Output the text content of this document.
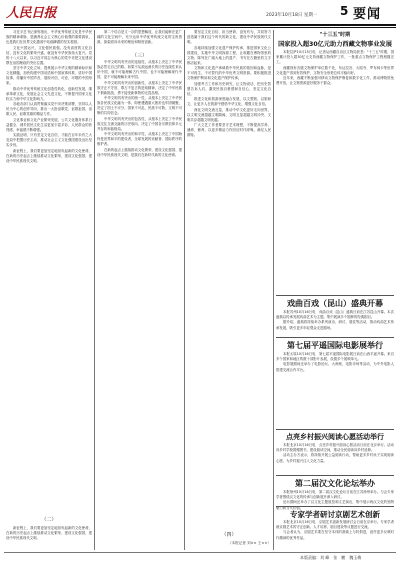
人民日报	2023年10月18日 星期一 5 要闻

习近平总书记深刻指出，中华优秀传统文化是中华民族的精神命脉，是涵养社会主义核心价值观的重要源泉，也是我们在世界文化激荡中站稳脚跟的坚实根基。

文化兴国运兴，文化强民族强。没有高度的文化自信，没有文化的繁荣兴盛，就没有中华民族伟大复兴。党的十八大以来，以习近平同志为核心的党中央把文化建设摆在治国理政的突出位置。

坚守中华文化立场，提炼展示中华文明的精神标识和文化精髓，加快构建中国话语和中国叙事体系，讲好中国故事、传播好中国声音，展现可信、可爱、可敬的中国形象。

推动中华优秀传统文化创造性转化、创新性发展，继承革命文化，发展社会主义先进文化，不断提升国家文化软实力和中华文化影响力。

各地各部门认真贯彻落实党中央决策部署，坚持以人民为中心的创作导向，推出一大批讴歌党、讴歌祖国、讴歌人民、讴歌英雄的精品力作。

文化事业和文化产业繁荣发展，公共文化服务体系日益健全，城乡居民文化生活更加丰富多彩，人民群众的获得感、幸福感不断增强。

实践证明，只有坚定文化自信，才能在百年未有之大变局中把握历史主动，推动社会主义文化强国建设迈出坚实步伐。

新征程上，我们要更加坚定地担负起新的文化使命，在新的历史起点上继续推动文化繁荣、建设文化强国、建设中华民族现代文明。

（二）

新征程上，我们要更加坚定地担负起新的文化使命，在新的历史起点上继续推动文化繁荣、建设文化强国、建设中华民族现代文明。

第二个结合是又一次的思想解放，让我们能够在更广阔的文化空间中，充分运用中华优秀传统文化的宝贵资源，探索面向未来的理论和制度创新。

（三）

中华文明具有突出的连续性，从根本上决定了中华民族必然走自己的路。如果不从源远流长的历史连续性来认识中国，就不可能理解古代中国，也不可能理解现代中国，更不可能理解未来中国。

中华文明具有突出的创新性，从根本上决定了中华民族守正不守旧、尊古不复古的进取精神，决定了中华民族不惧新挑战、勇于接受新事物的无畏品格。

中华文明具有突出的统一性，从根本上决定了中华民族各民族文化融为一体、即使遭遇重大挫折也牢固凝聚，决定了国土不可分、国家不可乱、民族不可散、文明不可断的共同信念。

中华文明具有突出的包容性，从根本上决定了中华民族交往交流交融的历史取向，决定了中国各宗教信仰多元并存的和谐格局。

中华文明具有突出的和平性，从根本上决定了中国始终是世界和平的建设者、全球发展的贡献者、国际秩序的维护者。

在新的起点上继续推动文化繁荣、建设文化强国、建设中华民族现代文明，是我们在新时代新的文化使命。

要坚定文化自信、担当使命、奋发有为，共同努力创造属于我们这个时代的新文化，建设中华民族现代文明。

各地持续加强文化遗产保护传承，推进国家文化公园建设，实施中华文明探源工程，让收藏在博物馆里的文物、陈列在广阔大地上的遗产、书写在古籍里的文字都活起来。

文物和文化遗产承载着中华民族的基因和血脉，是不可再生、不可替代的中华优秀文明资源。要积极推进文物保护利用和文化遗产保护传承。

加强考古工作和历史研究，让文物说话，把历史智慧告诉人们，激发民族自豪感和自信心，坚定文化自信。

推进文化和旅游深度融合发展，以文塑旅、以旅彰文，让更多人在旅游中感悟中华文化、增强文化自信。

深化文明交流互鉴，推动中华文化更好走向世界，以文明交流超越文明隔阂、文明互鉴超越文明冲突、文明共存超越文明优越。

广大文艺工作者要坚守艺术理想，不断提高学养、涵养、修养，以更多精品力作回应时代呼唤、满足人民期待。

（四）
（本报记者 刘×× 王××）
"十三五"时期
国家投入超30亿元助力西藏文物事业发展

本报拉萨10月15日电　记者从西藏自治区文物局获悉："十三五"时期，国家累计投入超30亿元支持西藏文物保护工作，一批重点文物保护工程相继完工。

西藏现有各级文物保护单位数千处，布达拉宫、大昭寺、罗布林卡等世界文化遗产得到有效保护，文物安全形势总体平稳向好。

近年来，西藏不断加强可移动文物保护修复和数字化工作，推动博物馆免费开放，让文物资源更好服务于群众。

戏曲百戏（昆山）盛典开幕

本报苏州10月16日电　戏曲百戏（昆山）盛典日前在江苏昆山开幕。本次盛典以传承发展戏曲艺术为主题，集中展演多个剧种的经典剧目。

据介绍，盛典将持续举办系列演出、研讨、展览等活动，推动戏曲艺术传承发展，吸引更多年轻观众走进剧场。

第七届平遥国际电影展举行

本报太原10月16日电　第七届平遥国际电影展日前在山西平遥开幕。来自多个国家和地区的数十部影片参展，设置多个展映单元。

电影展期间还举办了电影论坛、大师班、电影市场等活动，为中外电影人搭建交流合作平台。

点亮乡村振兴阅读心愿活动举行

本报北京10月16日电　点亮乡村振兴阅读心愿活动日前在北京举行。活动向乡村学校捐赠图书，建设阅读空间，推动全民阅读向乡村延伸。

活动主办方表示，将持续开展公益阅读行动，帮助更多乡村孩子实现阅读心愿，为乡村振兴注入文化力量。

第二届汉文化论坛举办

本报徐州10月16日电　第二届汉文化论坛日前在江苏徐州举办。与会专家学者围绕汉文化的传承与创新展开深入研讨。

论坛期间还举办了汉文化主题展览和文艺演出，集中展示两汉文化的独特魅力和当代价值。

专家学者研讨京剧艺术创新

本报北京10月16日电　京剧艺术创新发展研讨会日前在京举行。专家学者就京剧艺术的守正创新、人才培养、剧目建设等议题进行交流。

与会者认为，京剧艺术要在坚守本体的基础上与时俱进，创作更多反映时代精神的优秀作品。

本版责编：刘 峰　张　鹏　魏玉梅
